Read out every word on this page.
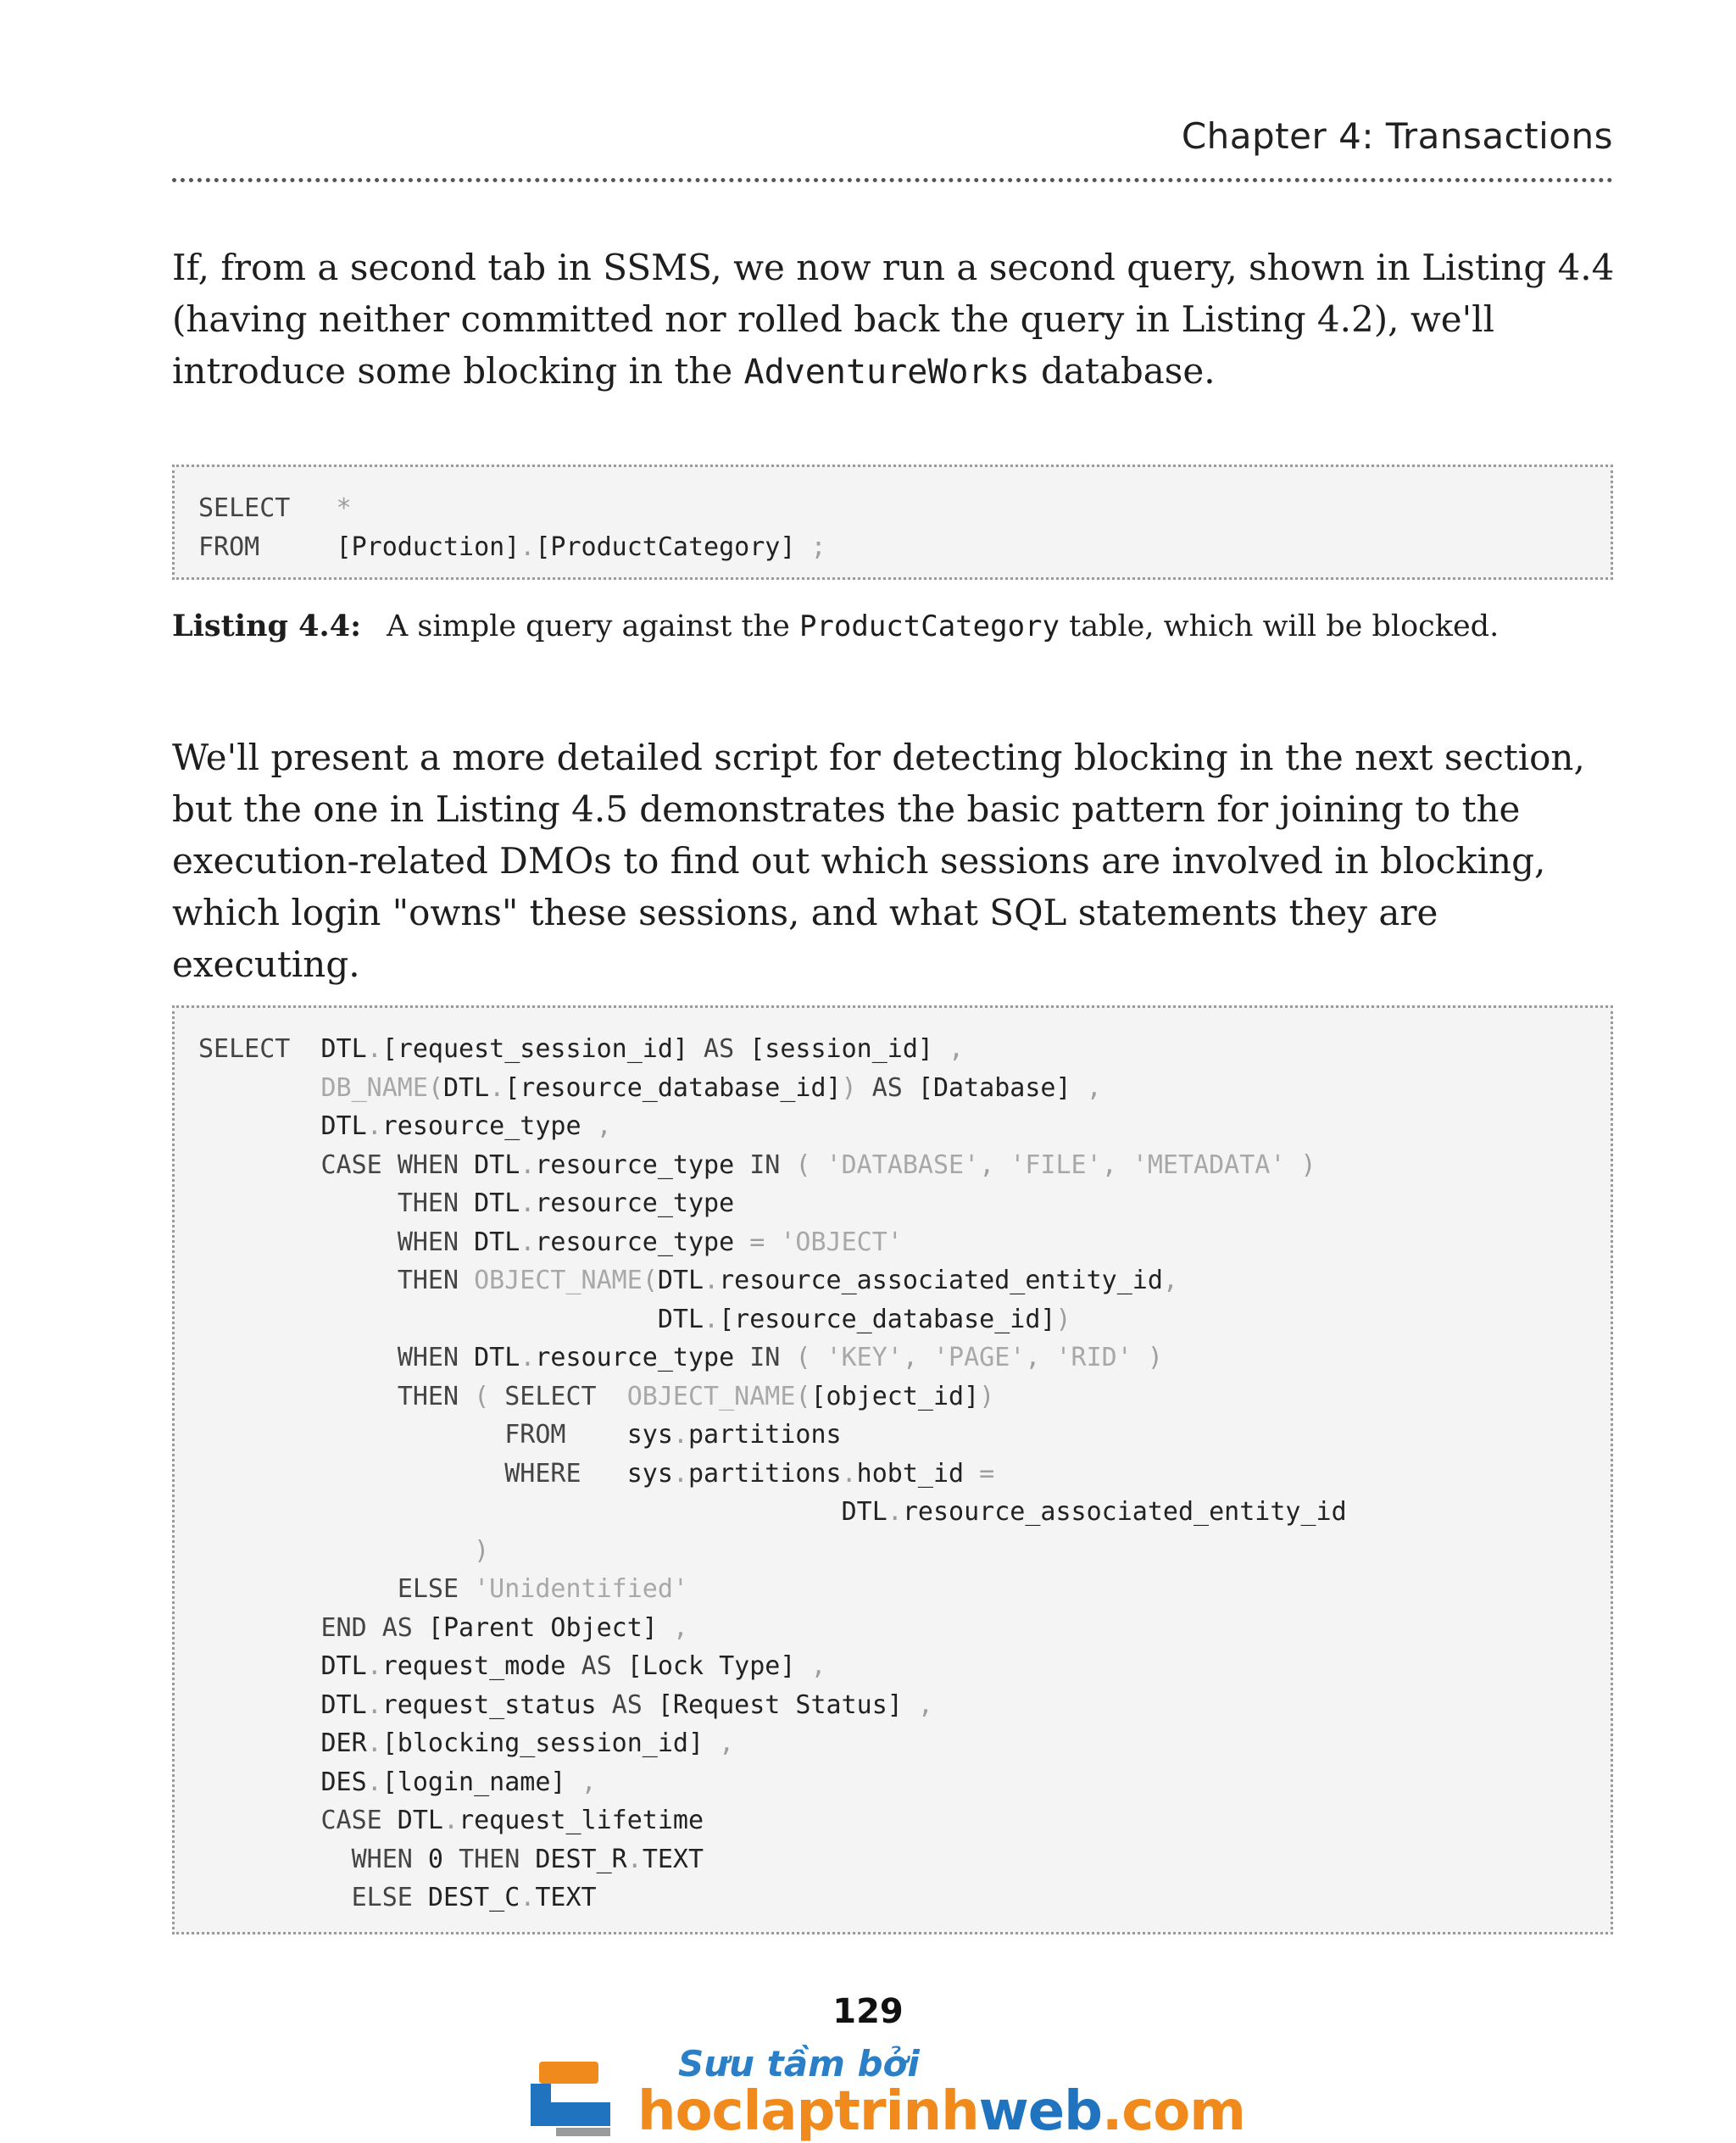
Chapter 4: Transactions

If, from a second tab in SSMS, we now run a second query, shown in Listing 4.4 (having neither committed nor rolled back the query in Listing 4.2), we'll introduce some blocking in the AdventureWorks database.

SELECT *
FROM     [Production].[ProductCategory] ;
Listing 4.4: A simple query against the ProductCategory table, which will be blocked.

We'll present a more detailed script for detecting blocking in the next section, but the one in Listing 4.5 demonstrates the basic pattern for joining to the execution-related DMOs to find out which sessions are involved in blocking, which login "owns" these sessions, and what SQL statements they are executing.

SELECT  DTL.[request_session_id] AS [session_id] ,
DB_NAME(DTL.[resource_database_id]) AS [Database] ,
DTL.resource_type ,
CASE WHEN DTL.resource_type IN ( 'DATABASE', 'FILE', 'METADATA' )
THEN DTL.resource_type
WHEN DTL.resource_type = 'OBJECT'
THEN OBJECT_NAME(DTL.resource_associated_entity_id,
DTL.[resource_database_id])
WHEN DTL.resource_type IN ( 'KEY', 'PAGE', 'RID' )
THEN ( SELECT OBJECT_NAME([object_id])
FROM    sys.partitions
WHERE   sys.partitions.hobt_id =
DTL.resource_associated_entity_id
)
ELSE 'Unidentified'
END AS [Parent Object] ,
DTL.request_mode AS [Lock Type] ,
DTL.request_status AS [Request Status] ,
DER.[blocking_session_id] ,
DES.[login_name] ,
CASE DTL.request_lifetime
WHEN 0 THEN DEST_R.TEXT
ELSE DEST_C.TEXT
129
Sưu tầm bởi
hoclaptrinhweb.com
